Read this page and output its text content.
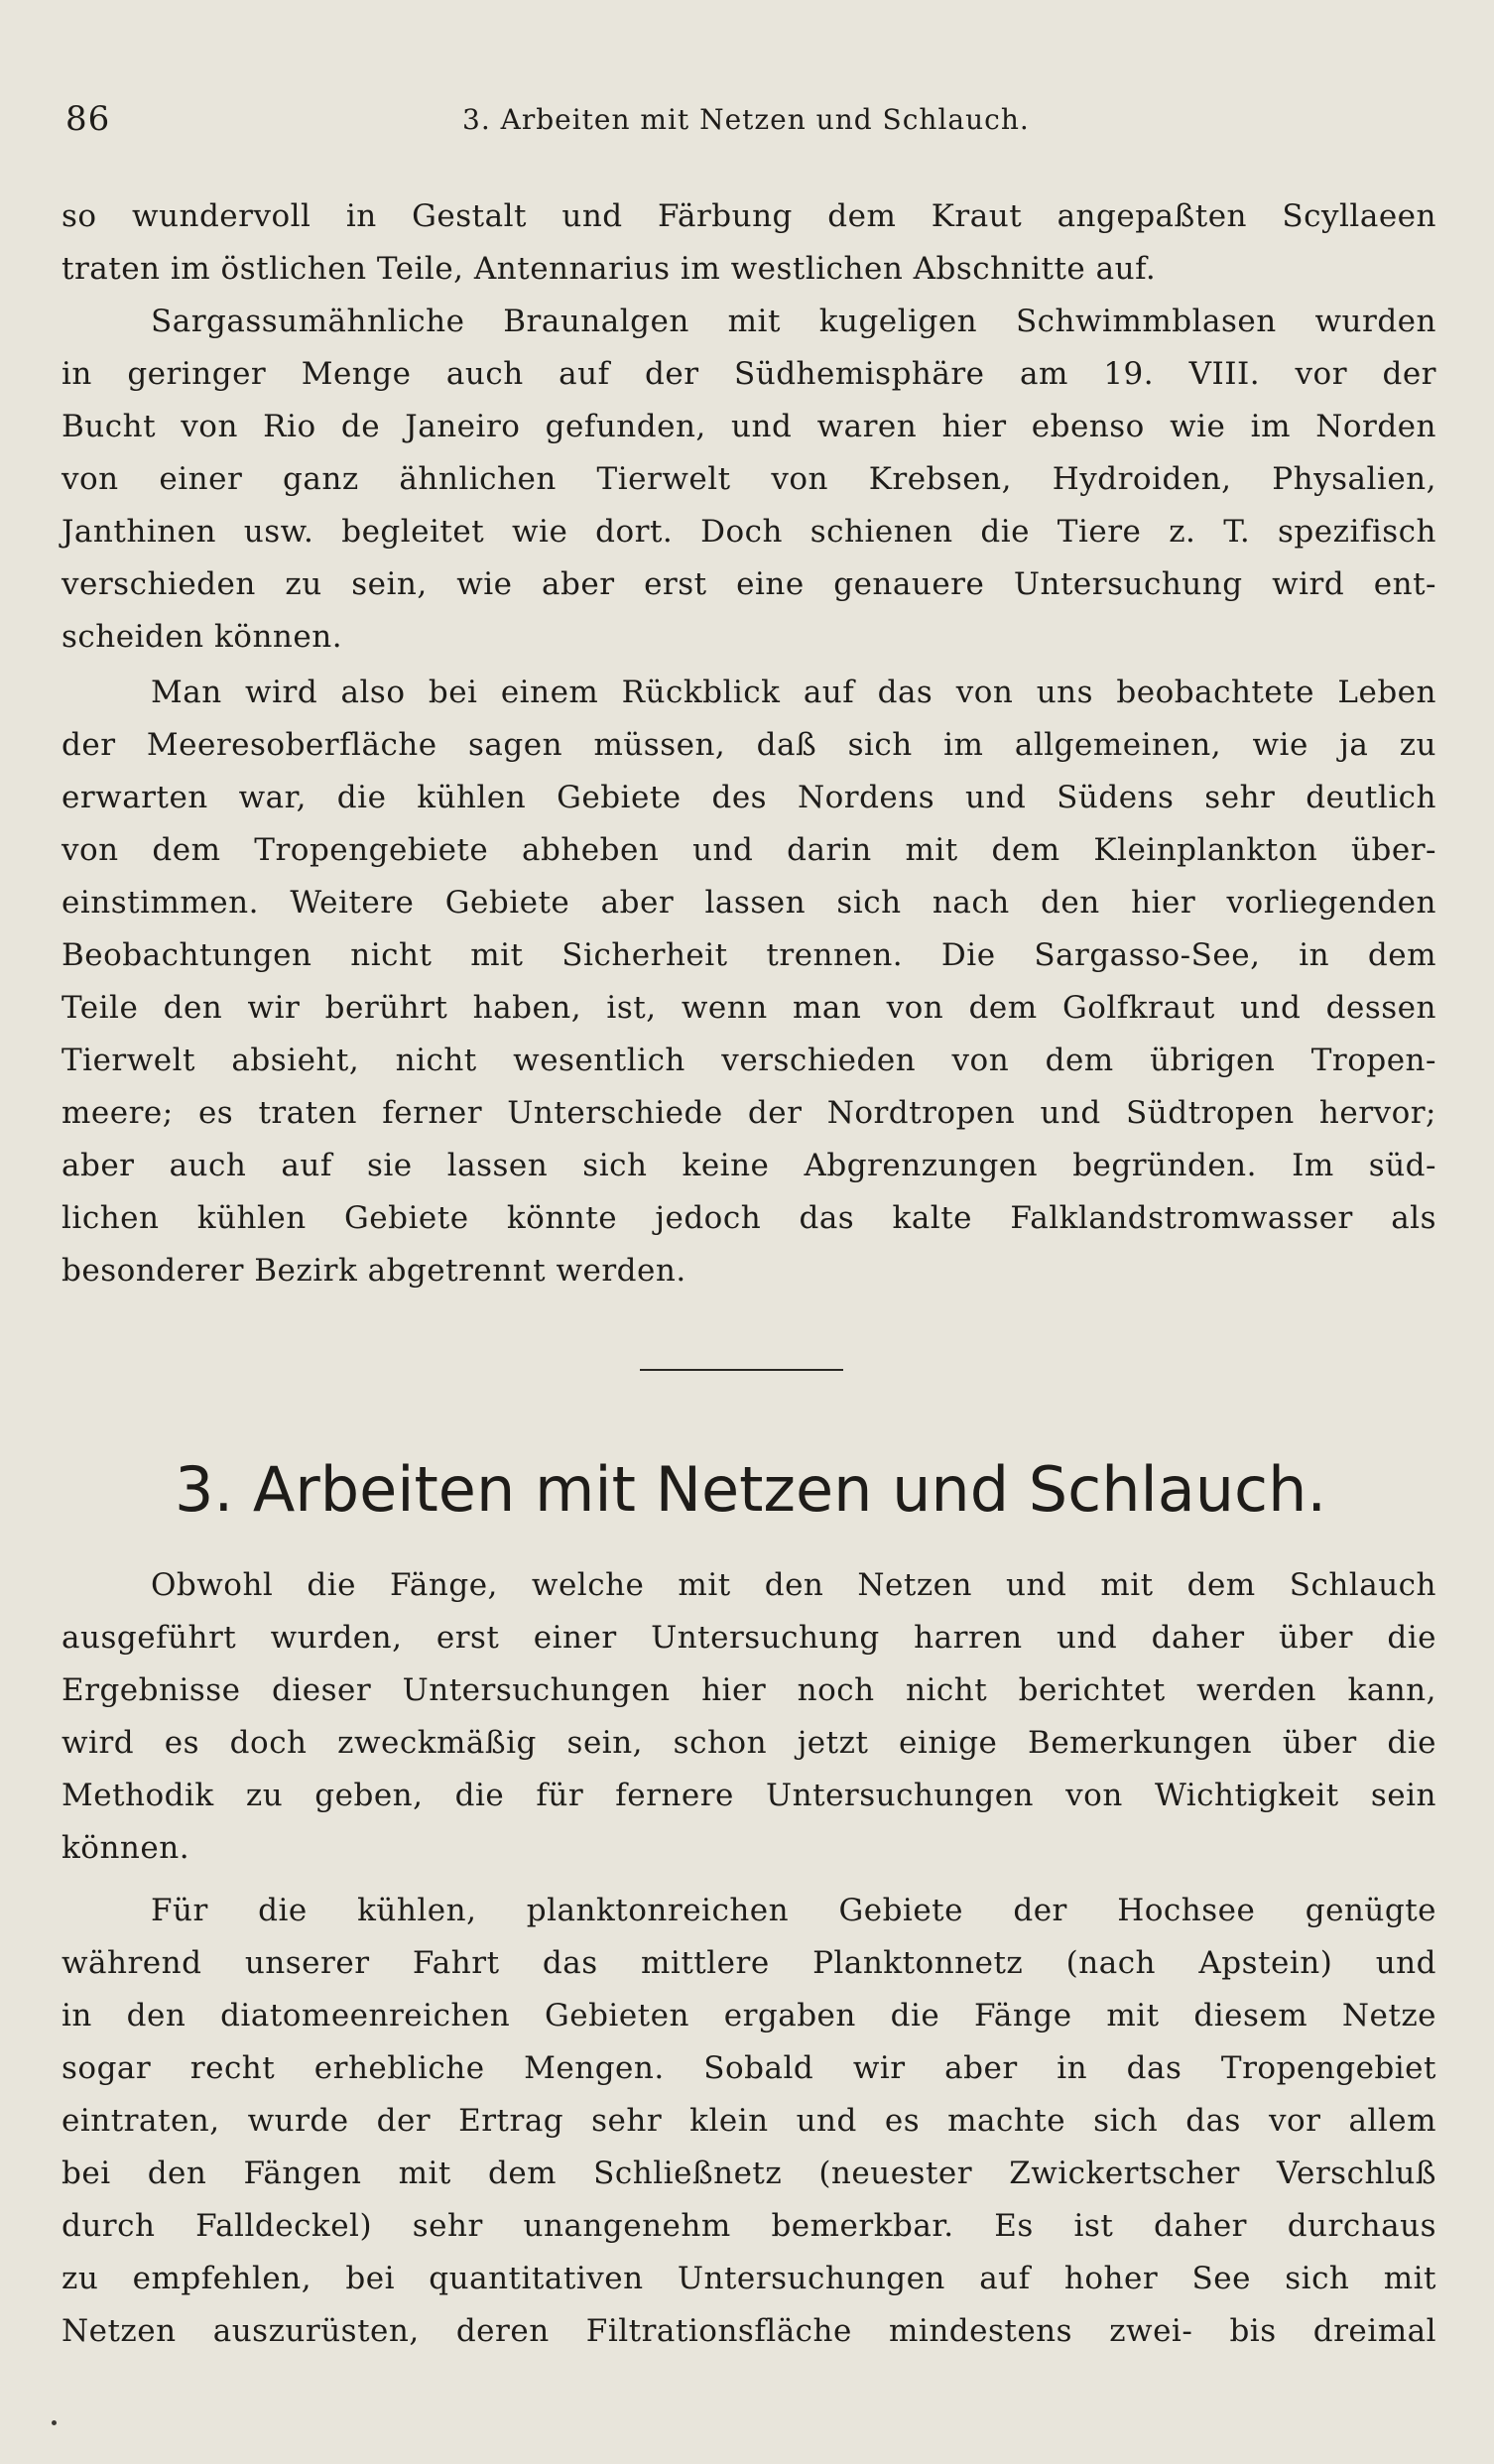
86	3. Arbeiten mit Netzen und Schlauch.
so wundervoll in Gestalt und Färbung dem Kraut angepaßten Scyllaeen
traten im östlichen Teile, Antennarius im westlichen Abschnitte auf.
Sargassumähnliche Braunalgen mit kugeligen Schwimmblasen wurden
in geringer Menge auch auf der Südhemisphäre am 19. VIII. vor der
Bucht von Rio de Janeiro gefunden, und waren hier ebenso wie im Norden
von einer ganz ähnlichen Tierwelt von Krebsen, Hydroiden, Physalien,
Janthinen usw. begleitet wie dort. Doch schienen die Tiere z. T. spezifisch
verschieden zu sein, wie aber erst eine genauere Untersuchung wird ent-
scheiden können.
Man wird also bei einem Rückblick auf das von uns beobachtete Leben
der Meeresoberfläche sagen müssen, daß sich im allgemeinen, wie ja zu
erwarten war, die kühlen Gebiete des Nordens und Südens sehr deutlich
von dem Tropengebiete abheben und darin mit dem Kleinplankton über-
einstimmen. Weitere Gebiete aber lassen sich nach den hier vorliegenden
Beobachtungen nicht mit Sicherheit trennen. Die Sargasso-See, in dem
Teile den wir berührt haben, ist, wenn man von dem Golfkraut und dessen
Tierwelt absieht, nicht wesentlich verschieden von dem übrigen Tropen-
meere; es traten ferner Unterschiede der Nordtropen und Südtropen hervor;
aber auch auf sie lassen sich keine Abgrenzungen begründen. Im süd-
lichen kühlen Gebiete könnte jedoch das kalte Falklandstromwasser als
besonderer Bezirk abgetrennt werden.
3. Arbeiten mit Netzen und Schlauch.
Obwohl die Fänge, welche mit den Netzen und mit dem Schlauch
ausgeführt wurden, erst einer Untersuchung harren und daher über die
Ergebnisse dieser Untersuchungen hier noch nicht berichtet werden kann,
wird es doch zweckmäßig sein, schon jetzt einige Bemerkungen über die
Methodik zu geben, die für fernere Untersuchungen von Wichtigkeit sein
können.
Für die kühlen, planktonreichen Gebiete der Hochsee genügte
während unserer Fahrt das mittlere Planktonnetz (nach Apstein) und
in den diatomeenreichen Gebieten ergaben die Fänge mit diesem Netze
sogar recht erhebliche Mengen. Sobald wir aber in das Tropengebiet
eintraten, wurde der Ertrag sehr klein und es machte sich das vor allem
bei den Fängen mit dem Schließnetz (neuester Zwickertscher Verschluß
durch Falldeckel) sehr unangenehm bemerkbar. Es ist daher durchaus
zu empfehlen, bei quantitativen Untersuchungen auf hoher See sich mit
Netzen auszurüsten, deren Filtrationsfläche mindestens zwei- bis dreimal
